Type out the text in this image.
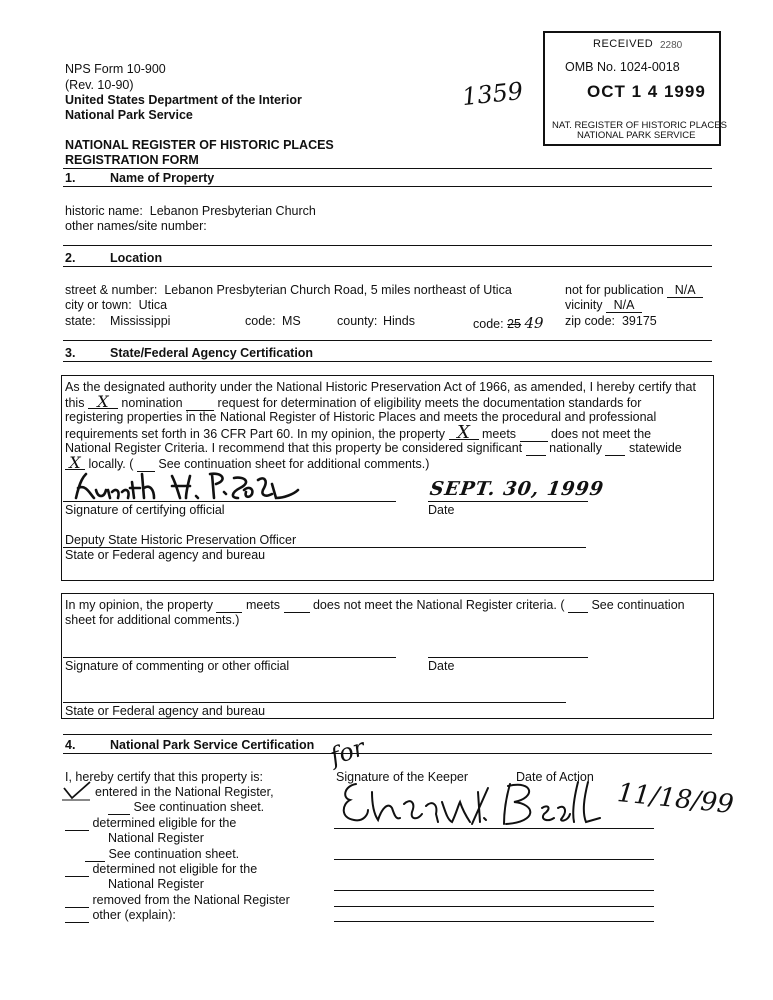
NPS Form 10-900
(Rev. 10-90)
United States Department of the Interior
National Park Service
1359
RECEIVED 2280
OCT 1 4 1999
NAT. REGISTER OF HISTORIC PLACES
NATIONAL PARK SERVICE
OMB No. 1024-0018
NATIONAL REGISTER OF HISTORIC PLACES
REGISTRATION FORM
1.	Name of Property
historic name: Lebanon Presbyterian Church
other names/site number:
2.	Location
street & number: Lebanon Presbyterian Church Road, 5 miles northeast of Utica	not for publication N/A
city or town: Utica	vicinity N/A
state: Mississippi	code: MS	county: Hinds	code: 25 49 zip code: 39175
3.	State/Federal Agency Certification
As the designated authority under the National Historic Preservation Act of 1966, as amended, I hereby certify that
this X nomination	request for determination of eligibility meets the documentation standards for
registering properties in the National Register of Historic Places and meets the procedural and professional
requirements set forth in 36 CFR Part 60. In my opinion, the property X meets	does not meet the
National Register Criteria. I recommend that this property be considered significant nationally statewide
X locally. ( See continuation sheet for additional comments.)
SEPT. 30, 1999
Signature of certifying official	Date
Deputy State Historic Preservation Officer
State or Federal agency and bureau
In my opinion, the property	meets	does not meet the National Register criteria. ( See continuation
sheet for additional comments.)
Signature of commenting or other official	Date
State or Federal agency and bureau
4.	National Park Service Certification
I, hereby certify that this property is:
entered in the National Register,
See continuation sheet.
determined eligible for the
National Register
See continuation sheet.
determined not eligible for the
National Register
removed from the National Register
other (explain):
Signature of the Keeper	Date of Action
for
11/18/99
